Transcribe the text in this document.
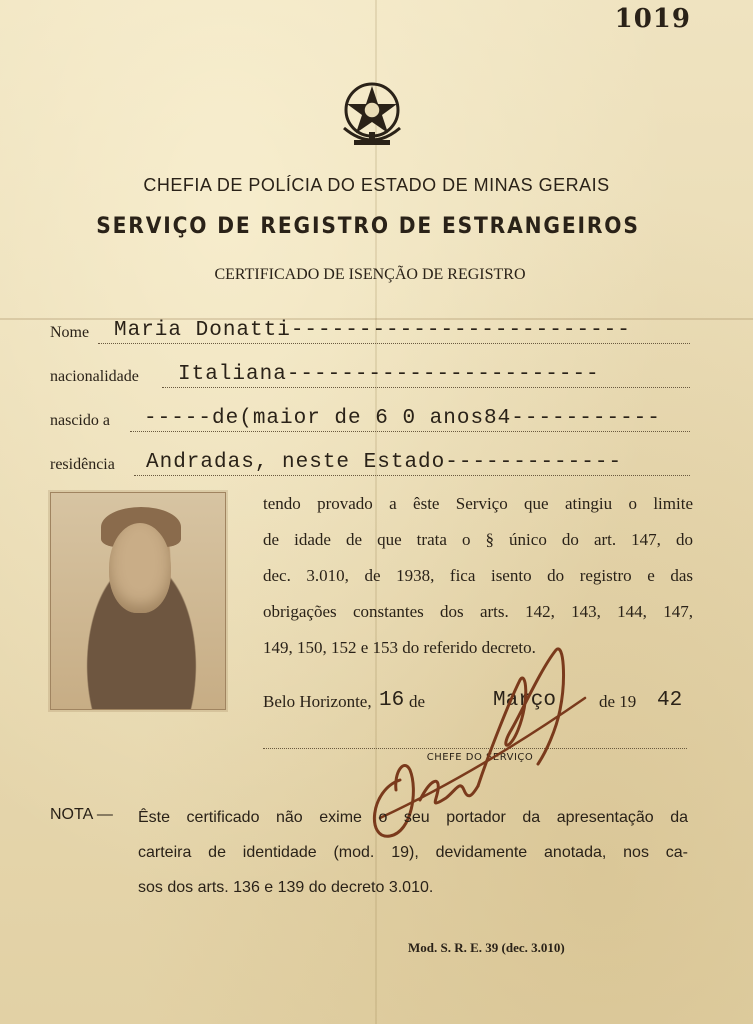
1019
CHEFIA DE POLÍCIA DO ESTADO DE MINAS GERAIS
SERVIÇO DE REGISTRO DE ESTRANGEIROS
CERTIFICADO DE ISENÇÃO DE REGISTRO
Nome Maria Donatti-------------------------
nacionalidade Italiana-----------------------
nascido a -----de(maior de 6 0 anos84-----------
residência Andradas, neste Estado-------------

tendo provado a êste Serviço que atingiu o limite

de idade de que trata o § único do art. 147, do

dec. 3.010, de 1938, fica isento do registro e das

obrigações constantes dos arts. 142, 143, 144, 147,

149, 150, 152 e 153 do referido decreto.

Belo Horizonte, 16 de	Março	de 19 42
CHEFE DO SERVIÇO
NOTA — Êste certificado não exime o seu portador da apresentação da

carteira de identidade (mod. 19), devidamente anotada, nos ca-

sos dos arts. 136 e 139 do decreto 3.010.

Mod. S. R. E. 39 (dec. 3.010)
